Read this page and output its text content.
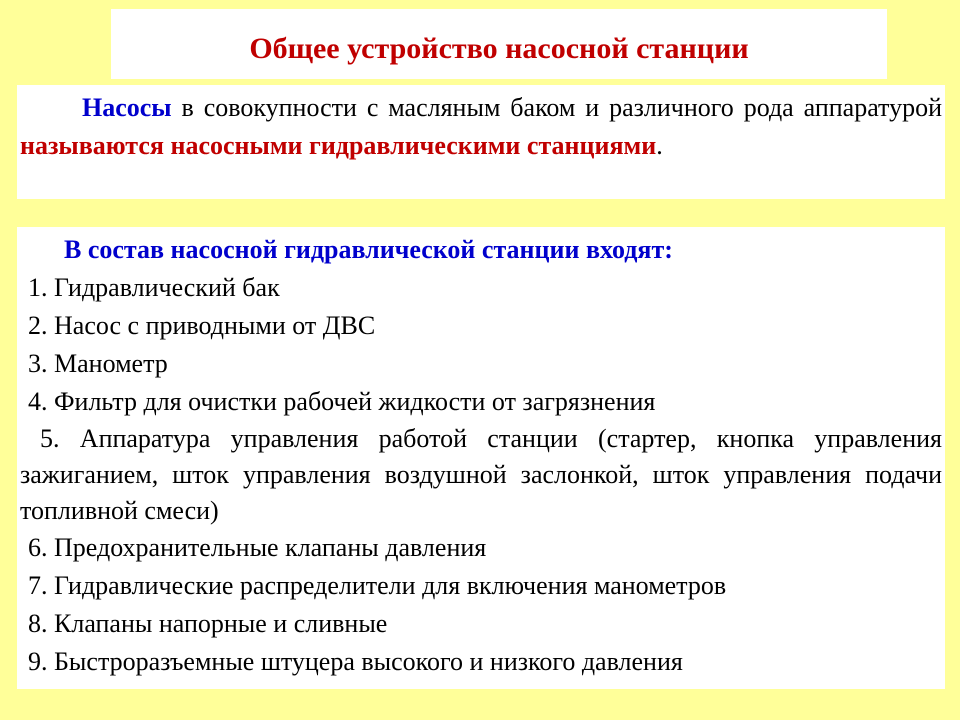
Общее устройство насосной станции
Насосы в совокупности с масляным баком и различного рода аппаратурой называются насосными гидравлическими станциями.
В состав насосной гидравлической станции входят:
1. Гидравлический бак
2. Насос с приводными от ДВС
3. Манометр
4. Фильтр для очистки рабочей жидкости от загрязнения
5. Аппаратура управления работой станции (стартер, кнопка управления зажиганием, шток управления воздушной заслонкой, шток управления подачи топливной смеси)
6. Предохранительные клапаны давления
7. Гидравлические распределители для включения манометров
8. Клапаны напорные и сливные
9. Быстроразъемные штуцера высокого и низкого давления
